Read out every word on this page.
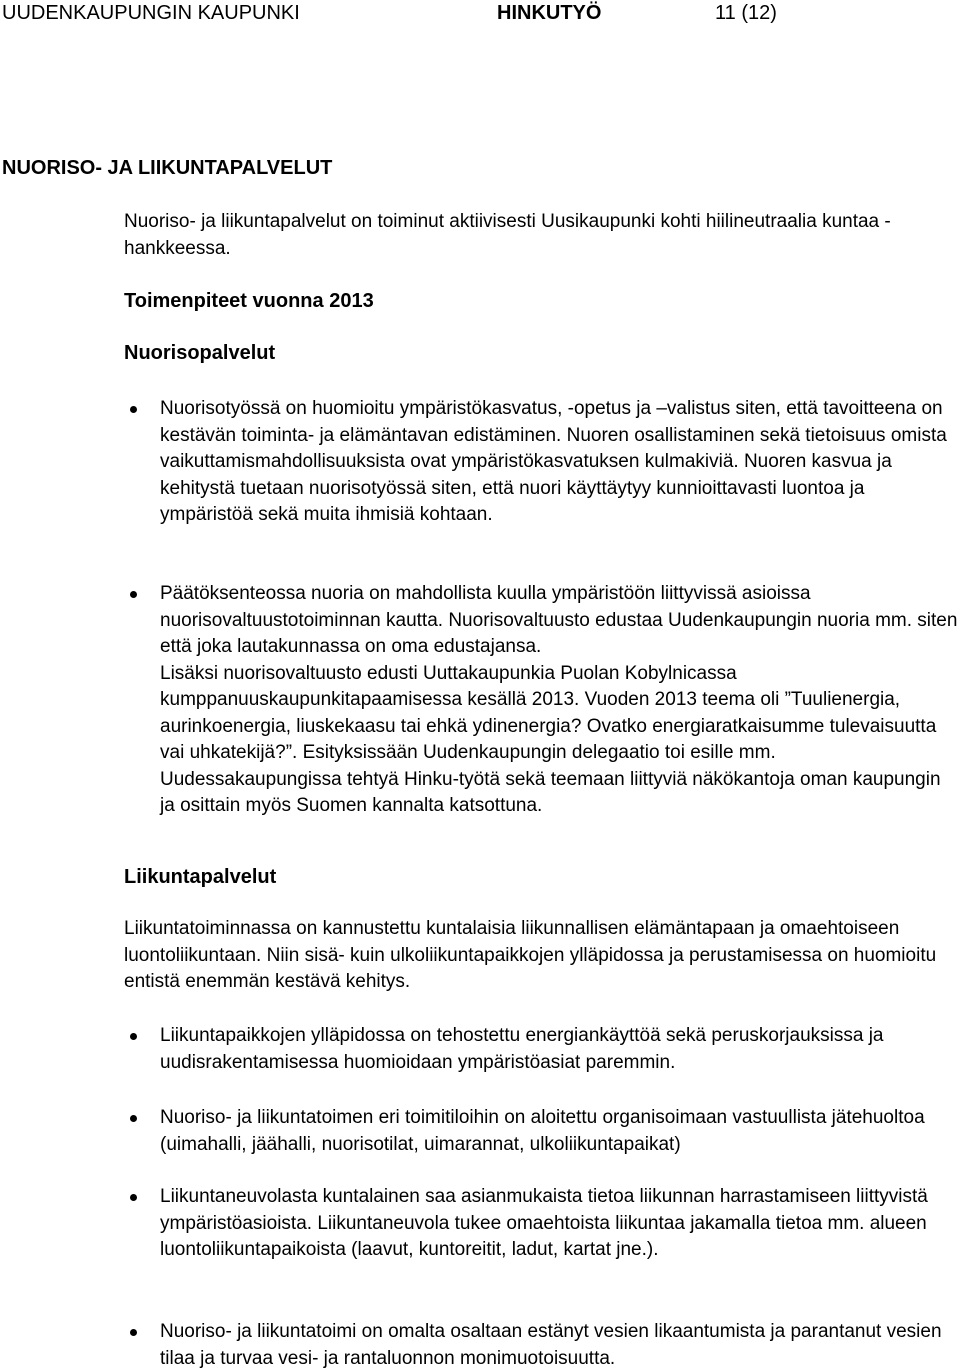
UUDENKAUPUNGIN KAUPUNKI	HINKUTYÖ	11 (12)
NUORISO- JA LIIKUNTAPALVELUT

Nuoriso- ja liikuntapalvelut on toiminut aktiivisesti Uusikaupunki kohti hiilineutraalia kuntaa -hankkeessa.

Toimenpiteet vuonna 2013
Nuorisopalvelut

Nuorisotyössä on huomioitu ympäristökasvatus, -opetus ja –valistus siten, että tavoitteena on kestävän toiminta- ja elämäntavan edistäminen. Nuoren osallistaminen sekä tietoisuus omista vaikuttamismahdollisuuksista ovat ympäristökasvatuksen kulmakiviä. Nuoren kasvua ja kehitystä tuetaan nuorisotyössä siten, että nuori käyttäytyy kunnioittavasti luontoa ja ympäristöä sekä muita ihmisiä kohtaan.

Päätöksenteossa nuoria on mahdollista kuulla ympäristöön liittyvissä asioissa nuorisovaltuustotoiminnan kautta. Nuorisovaltuusto edustaa Uudenkaupungin nuoria mm. siten että joka lautakunnassa on oma edustajansa.

Lisäksi nuorisovaltuusto edusti Uuttakaupunkia Puolan Kobylnicassa kumppanuuskaupunkitapaamisessa kesällä 2013. Vuoden 2013 teema oli ”Tuulienergia, aurinkoenergia, liuskekaasu tai ehkä ydinenergia? Ovatko energiaratkaisumme tulevaisuutta vai uhkatekijä?”. Esityksissään Uudenkaupungin delegaatio toi esille mm. Uudessakaupungissa tehtyä Hinku-työtä sekä teemaan liittyviä näkökantoja oman kaupungin ja osittain myös Suomen kannalta katsottuna.

Liikuntapalvelut

Liikuntatoiminnassa on kannustettu kuntalaisia liikunnallisen elämäntapaan ja omaehtoiseen luontoliikuntaan. Niin sisä- kuin ulkoliikuntapaikkojen ylläpidossa ja perustamisessa on huomioitu entistä enemmän kestävä kehitys.

Liikuntapaikkojen ylläpidossa on tehostettu energiankäyttöä sekä peruskorjauksissa ja uudisrakentamisessa huomioidaan ympäristöasiat paremmin.

Nuoriso- ja liikuntatoimen eri toimitiloihin on aloitettu organisoimaan vastuullista jätehuoltoa (uimahalli, jäähalli, nuorisotilat, uimarannat, ulkoliikuntapaikat)

Liikuntaneuvolasta kuntalainen saa asianmukaista tietoa liikunnan harrastamiseen liittyvistä ympäristöasioista. Liikuntaneuvola tukee omaehtoista liikuntaa jakamalla tietoa mm. alueen luontoliikuntapaikoista (laavut, kuntoreitit, ladut, kartat jne.).

Nuoriso- ja liikuntatoimi on omalta osaltaan estänyt vesien likaantumista ja parantanut vesien tilaa ja turvaa vesi- ja rantaluonnon monimuotoisuutta.
